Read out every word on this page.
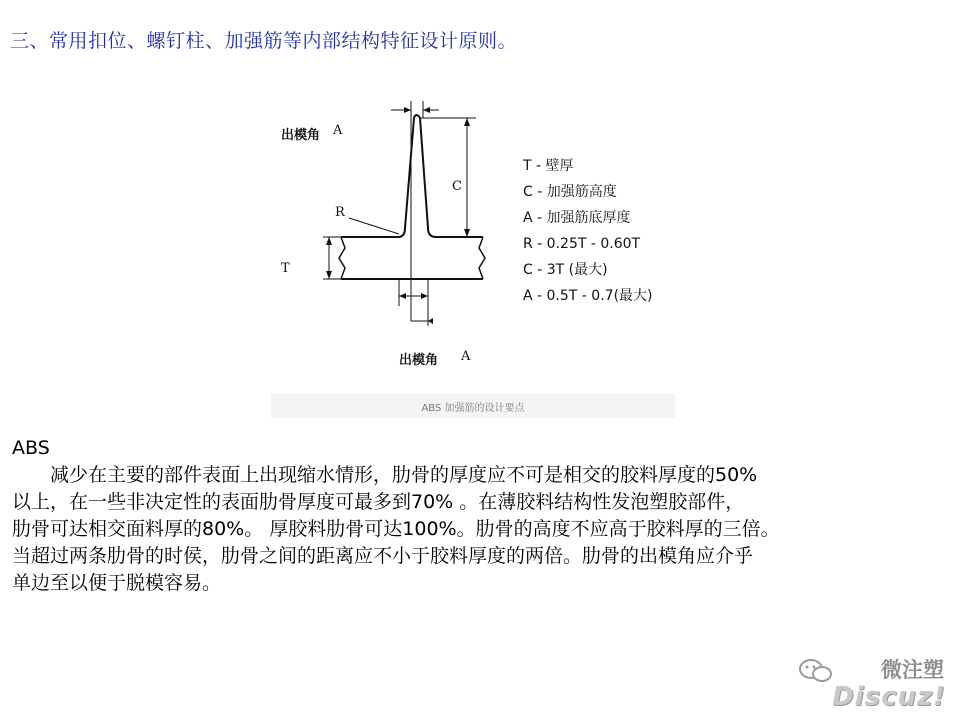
三、常用扣位、螺钉柱、加强筋等内部结构特征设计原则。
出模角 A
C
R
T
出模角 A
T - 壁厚
C - 加强筋高度
A - 加强筋底厚度
R - 0.25T - 0.60T
C - 3T (最大)
A - 0.5T - 0.7(最大)
ABS 加强筋的设计要点
ABS
　　减少在主要的部件表面上出现缩水情形，肋骨的厚度应不可是相交的胶料厚度的50%
以上，在一些非决定性的表面肋骨厚度可最多到70% 。在薄胶料结构性发泡塑胶部件，
肋骨可达相交面料厚的80%。 厚胶料肋骨可达100%。肋骨的高度不应高于胶料厚的三倍。
当超过两条肋骨的时侯，肋骨之间的距离应不小于胶料厚度的两倍。肋骨的出模角应介乎
单边至以便于脱模容易。
微注塑
Discuz!
